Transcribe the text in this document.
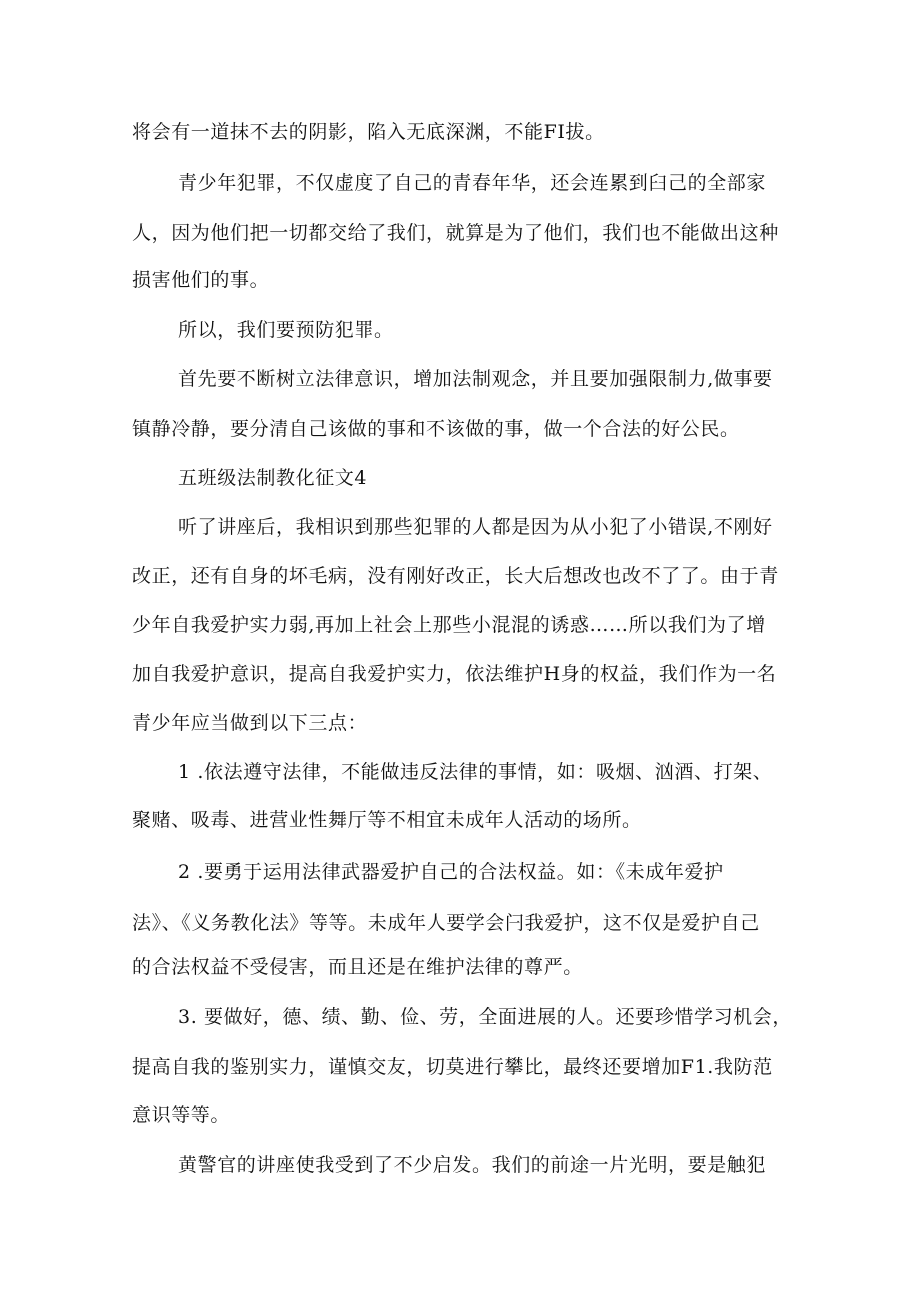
将会有一道抹不去的阴影，陷入无底深渊，不能FI拔。

青少年犯罪，不仅虚度了自己的青春年华，还会连累到臼己的全部家

人，因为他们把一切都交给了我们，就算是为了他们，我们也不能做出这种

损害他们的事。

所以，我们要预防犯罪。

首先要不断树立法律意识，增加法制观念，并且要加强限制力,做事要

镇静冷静，要分清自己该做的事和不该做的事，做一个合法的好公民。

五班级法制教化征文4

听了讲座后，我相识到那些犯罪的人都是因为从小犯了小错误,不刚好

改正，还有自身的坏毛病，没有刚好改正，长大后想改也改不了了。由于青

少年自我爱护实力弱,再加上社会上那些小混混的诱惑……所以我们为了增

加自我爱护意识，提高自我爱护实力，依法维护H身的权益，我们作为一名

青少年应当做到以下三点：

1 .依法遵守法律，不能做违反法律的事情，如：吸烟、汹酒、打架、

聚赌、吸毒、进营业性舞厅等不相宜未成年人活动的场所。

2 .要勇于运用法律武器爱护自己的合法权益。如：《未成年爱护

法》、《义务教化法》等等。未成年人要学会闩我爱护，这不仅是爱护自己

的合法权益不受侵害，而且还是在维护法律的尊严。

3. 要做好，德、绩、勤、俭、劳，全面进展的人。还要珍惜学习机会，

提高自我的鉴别实力，谨慎交友，切莫进行攀比，最终还要增加F1.我防范

意识等等。

黄警官的讲座使我受到了不少启发。我们的前途一片光明，要是触犯
